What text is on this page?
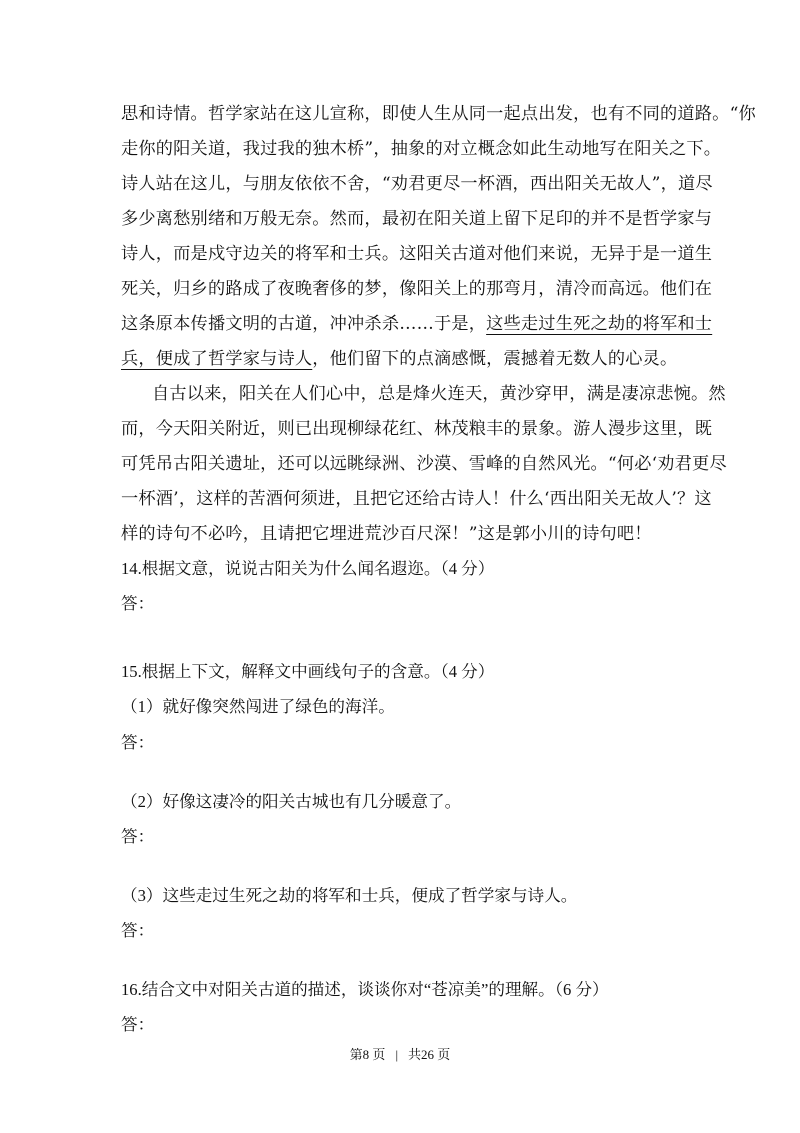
思和诗情。哲学家站在这儿宣称，即使人生从同一起点出发，也有不同的道路。“你
走你的阳关道，我过我的独木桥”，抽象的对立概念如此生动地写在阳关之下。
诗人站在这儿，与朋友依依不舍，“劝君更尽一杯酒，西出阳关无故人”，道尽
多少离愁别绪和万般无奈。然而，最初在阳关道上留下足印的并不是哲学家与
诗人，而是戍守边关的将军和士兵。这阳关古道对他们来说，无异于是一道生
死关，归乡的路成了夜晚奢侈的梦，像阳关上的那弯月，清冷而高远。他们在
这条原本传播文明的古道，冲冲杀杀……于是，这些走过生死之劫的将军和士
兵，便成了哲学家与诗人，他们留下的点滴感慨，震撼着无数人的心灵。
自古以来，阳关在人们心中，总是烽火连天，黄沙穿甲，满是凄凉悲惋。然
而，今天阳关附近，则已出现柳绿花红、林茂粮丰的景象。游人漫步这里，既
可凭吊古阳关遗址，还可以远眺绿洲、沙漠、雪峰的自然风光。“何必‘劝君更尽
一杯酒’，这样的苦酒何须进，且把它还给古诗人！什么‘西出阳关无故人’？这
样的诗句不必吟，且请把它埋进荒沙百尺深！”这是郭小川的诗句吧！
14.根据文意，说说古阳关为什么闻名遐迩。（4 分）
答：
15.根据上下文，解释文中画线句子的含意。（4 分）
（1）就好像突然闯进了绿色的海洋。
答：
（2）好像这凄冷的阳关古城也有几分暖意了。
答：
（3）这些走过生死之劫的将军和士兵，便成了哲学家与诗人。
答：
16.结合文中对阳关古道的描述，谈谈你对“苍凉美”的理解。（6 分）
答：
第8 页 | 共26 页
